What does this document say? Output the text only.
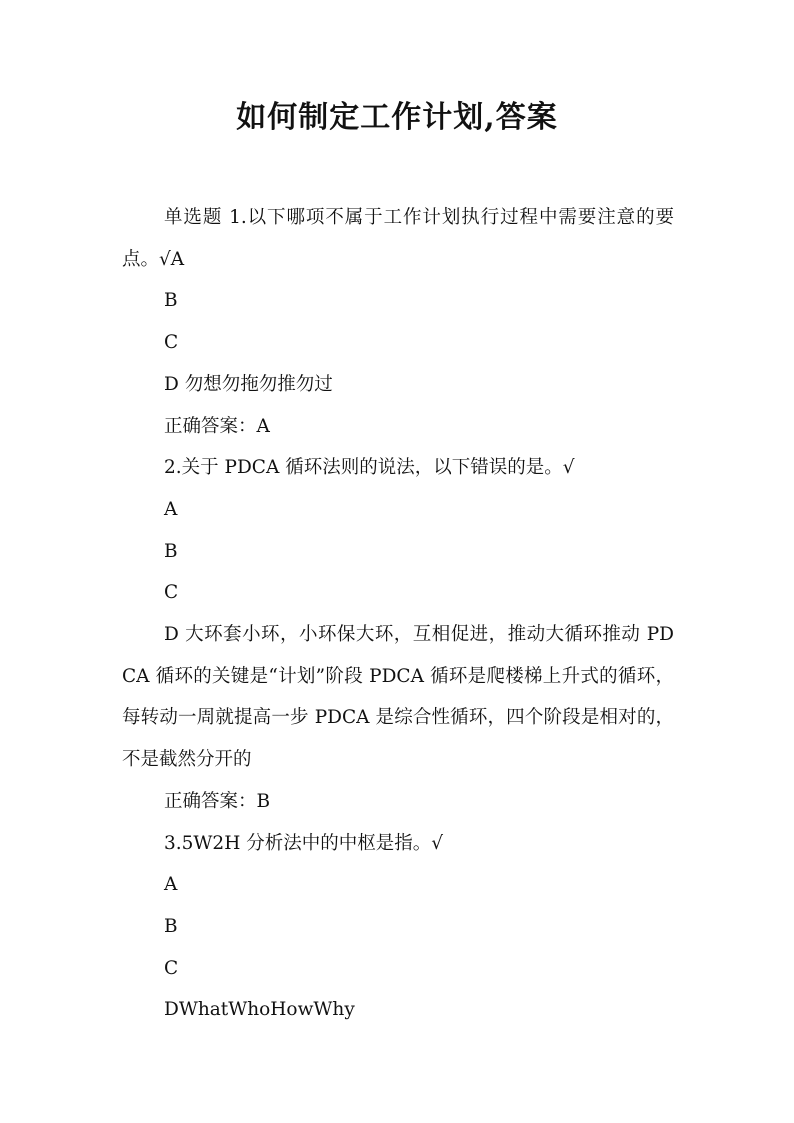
如何制定工作计划,答案

单选题 1.以下哪项不属于工作计划执行过程中需要注意的要点。√A

B

C

D 勿想勿拖勿推勿过

正确答案：A

2.关于 PDCA 循环法则的说法，以下错误的是。√

A

B

C

D 大环套小环，小环保大环，互相促进，推动大循环推动 PDCA 循环的关键是“计划”阶段 PDCA 循环是爬楼梯上升式的循环，每转动一周就提高一步 PDCA 是综合性循环，四个阶段是相对的，不是截然分开的

正确答案：B

3.5W2H 分析法中的中枢是指。√

A

B

C

DWhatWhoHowWhy
